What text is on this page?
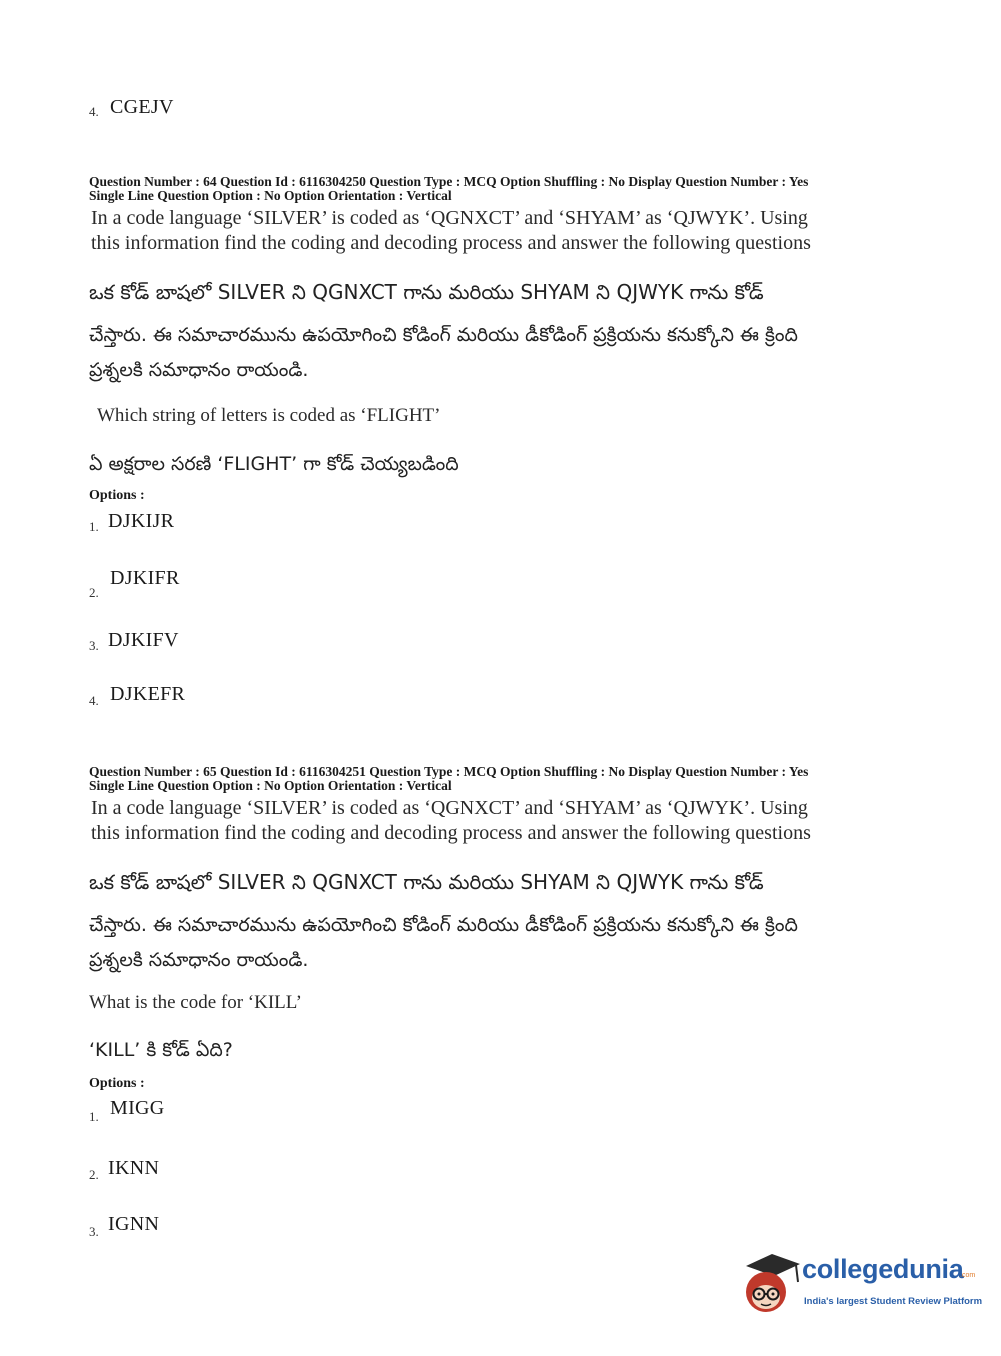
4. CGEJV
Question Number : 64 Question Id : 6116304250 Question Type : MCQ Option Shuffling : No Display Question Number : Yes
Single Line Question Option : No Option Orientation : Vertical
In a code language ‘SILVER’ is coded as ‘QGNXCT’ and ‘SHYAM’ as ‘QJWYK’. Using
this information find the coding and decoding process and answer the following questions
ఒక కోడ్ బాషలో SILVER ని QGNXCT గాను మరియు SHYAM ని QJWYK గాను కోడ్
చేస్తారు. ఈ సమాచారమును ఉపయోగించి కోడింగ్ మరియు డీకోడింగ్ ప్రక్రియను కనుక్కోని ఈ క్రింది
ప్రశ్నలకి సమాధానం రాయండి.
Which string of letters is coded as ‘FLIGHT’
ఏ అక్షరాల సరణి ‘FLIGHT’ గా కోడ్ చెయ్యబడింది
Options :
1. DJKIJR
2.
DJKIFR
3. DJKIFV
4. DJKEFR
Question Number : 65 Question Id : 6116304251 Question Type : MCQ Option Shuffling : No Display Question Number : Yes
Single Line Question Option : No Option Orientation : Vertical
In a code language ‘SILVER’ is coded as ‘QGNXCT’ and ‘SHYAM’ as ‘QJWYK’. Using
this information find the coding and decoding process and answer the following questions
ఒక కోడ్ బాషలో SILVER ని QGNXCT గాను మరియు SHYAM ని QJWYK గాను కోడ్
చేస్తారు. ఈ సమాచారమును ఉపయోగించి కోడింగ్ మరియు డీకోడింగ్ ప్రక్రియను కనుక్కోని ఈ క్రింది
ప్రశ్నలకి సమాధానం రాయండి.
What is the code for ‘KILL’
‘KILL’ కి కోడ్ ఏది?
Options :
1. MIGG
2. IKNN
3. IGNN
collegedunia
.com
India's largest Student Review Platform
